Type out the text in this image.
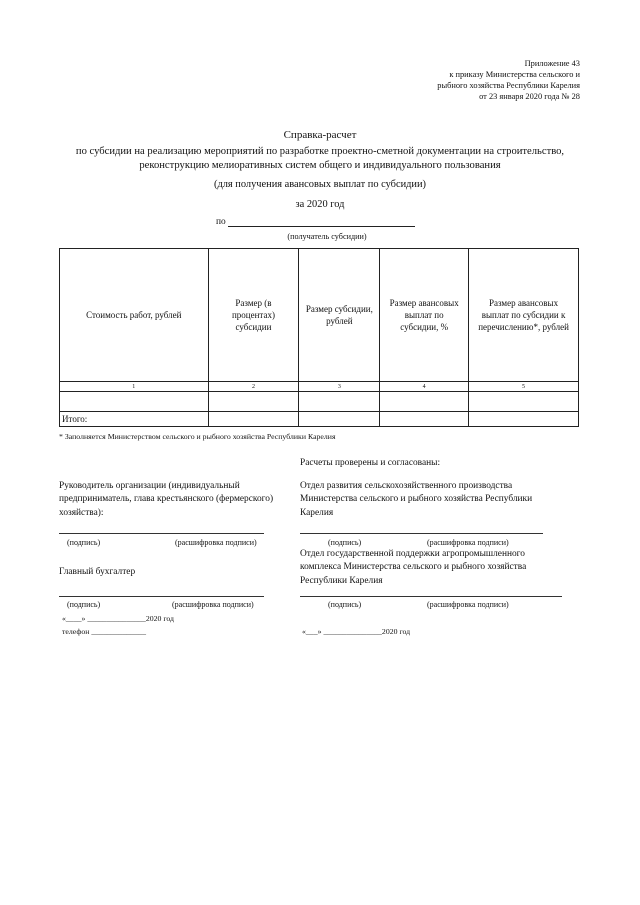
Приложение 43
к приказу Министерства сельского и
рыбного хозяйства Республики Карелия
от 23 января 2020 года № 28
Справка-расчет
по субсидии на реализацию мероприятий по разработке проектно-сметной документации на строительство,
реконструкцию мелиоративных систем общего и индивидуального пользования
(для получения авансовых выплат по субсидии)
за 2020 год
по
(получатель субсидии)
Стоимость работ, рублей	Размер (в процентах) субсидии	Размер субсидии, рублей	Размер авансовых выплат по субсидии, %	Размер авансовых выплат по субсидии к перечислению*, рублей
1	2	3	4	5

Итого:				
* Заполняется Министерством сельского и рыбного хозяйства Республики Карелия
Расчеты проверены и согласованы:
Руководитель организации (индивидуальный
предприниматель, глава крестьянского (фермерского)
хозяйства):
(подпись)	(расшифровка подписи)
Главный бухгалтер
(подпись)	(расшифровка подписи)
«____» _______________2020 год
телефон ______________
Отдел развития сельскохозяйственного производства
Министерства сельского и рыбного хозяйства Республики
Карелия
(подпись)	(расшифровка подписи)
Отдел государственной поддержки агропромышленного
комплекса Министерства сельского и рыбного хозяйства
Республики Карелия
(подпись)	(расшифровка подписи)
«___» _______________2020 год
